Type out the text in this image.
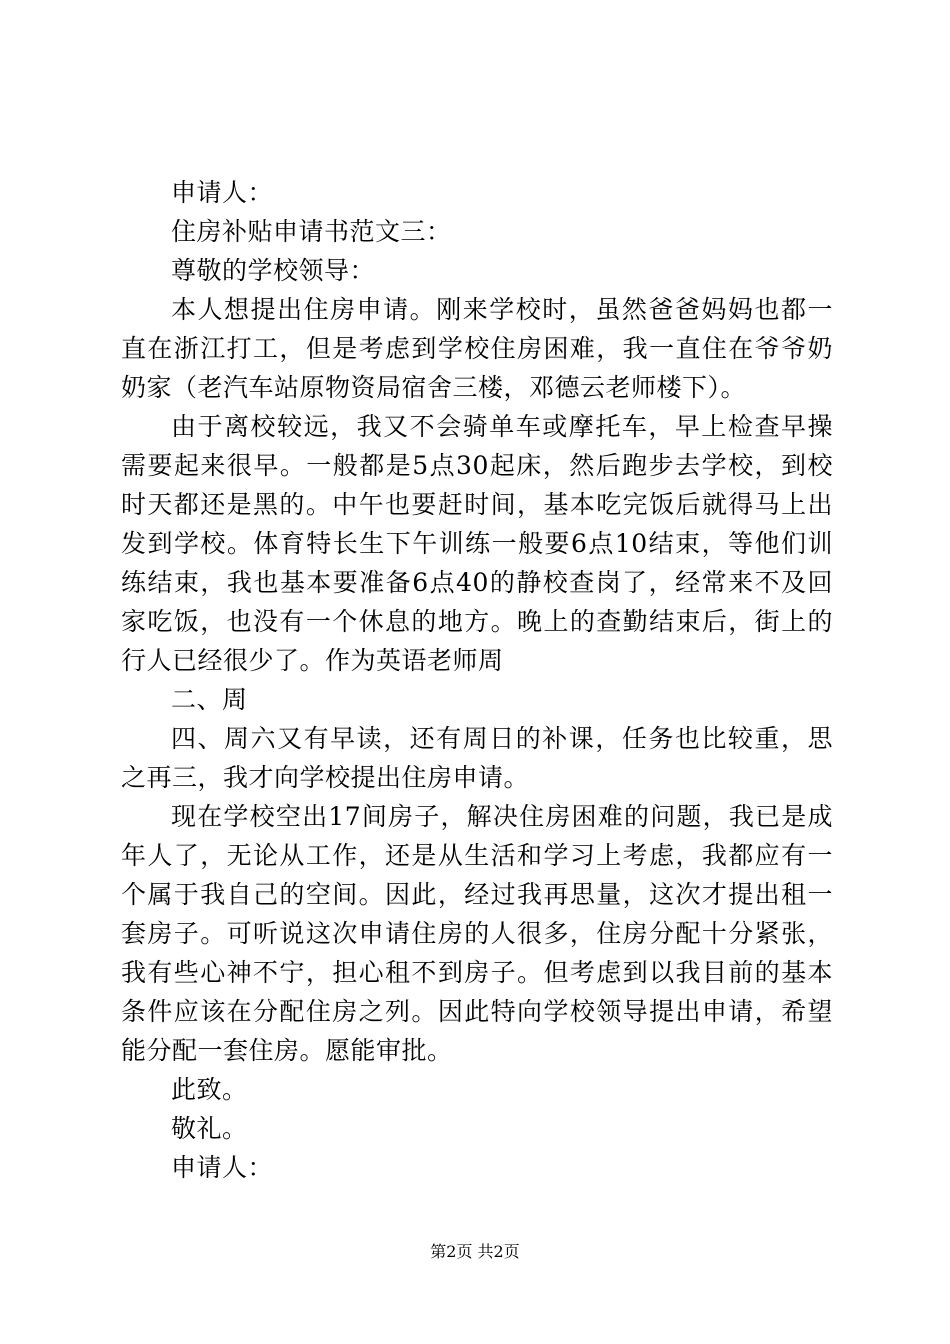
申请人：

住房补贴申请书范文三：

尊敬的学校领导：

本人想提出住房申请。刚来学校时，虽然爸爸妈妈也都一直在浙江打工，但是考虑到学校住房困难，我一直住在爷爷奶奶家（老汽车站原物资局宿舍三楼，邓德云老师楼下）。

由于离校较远，我又不会骑单车或摩托车，早上检查早操需要起来很早。一般都是5点30起床，然后跑步去学校，到校时天都还是黑的。中午也要赶时间，基本吃完饭后就得马上出发到学校。体育特长生下午训练一般要6点10结束，等他们训练结束，我也基本要准备6点40的静校查岗了，经常来不及回家吃饭，也没有一个休息的地方。晚上的查勤结束后，街上的行人已经很少了。作为英语老师周

二、周

四、周六又有早读，还有周日的补课，任务也比较重，思之再三，我才向学校提出住房申请。

现在学校空出17间房子，解决住房困难的问题，我已是成年人了，无论从工作，还是从生活和学习上考虑，我都应有一个属于我自己的空间。因此，经过我再思量，这次才提出租一套房子。可听说这次申请住房的人很多，住房分配十分紧张，我有些心神不宁，担心租不到房子。但考虑到以我目前的基本条件应该在分配住房之列。因此特向学校领导提出申请，希望能分配一套住房。愿能审批。

此致。

敬礼。

申请人：

第2页 共2页
